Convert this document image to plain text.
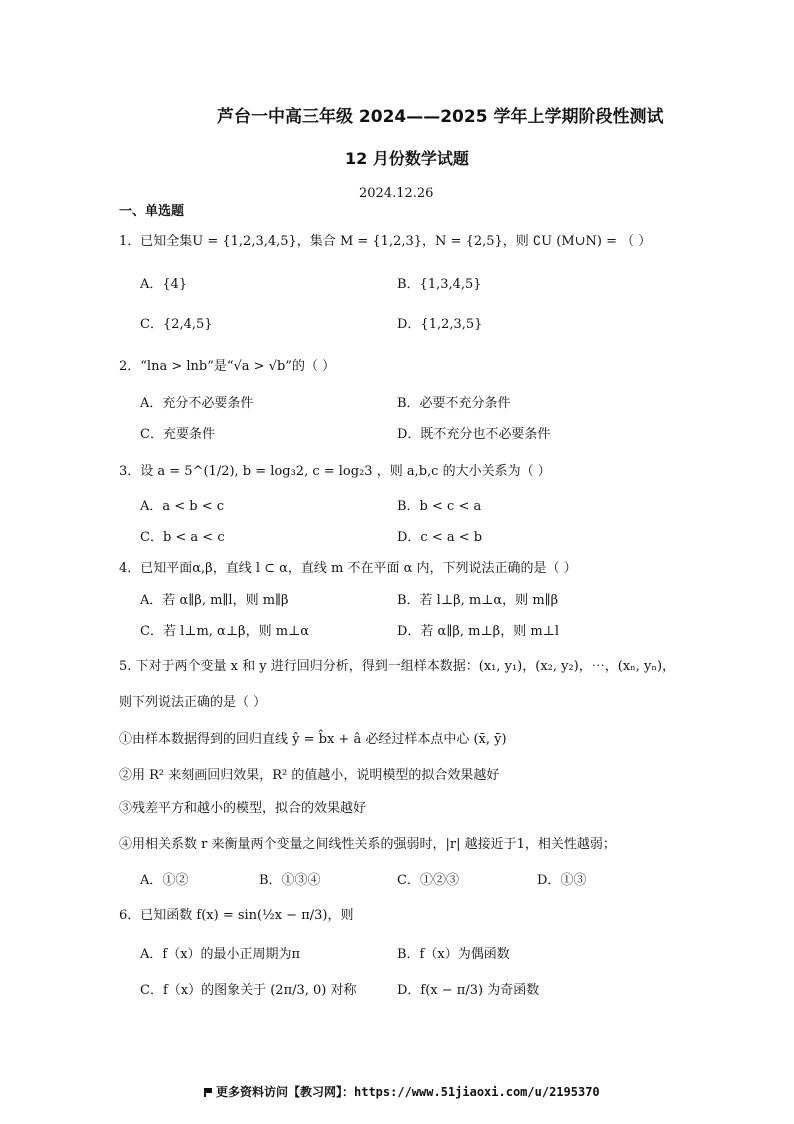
芦台一中高三年级 2024——2025 学年上学期阶段性测试
12 月份数学试题
2024.12.26
一、单选题
1．已知全集U = {1,2,3,4,5}，集合 M = {1,2,3}，N = {2,5}，则 ∁U (M∪N) = （ ）
A．{4}	B．{1,3,4,5}
C．{2,4,5}	D．{1,2,3,5}
2．“lna > lnb”是“√a > √b”的（ ）
A．充分不必要条件	B．必要不充分条件
C．充要条件	D．既不充分也不必要条件
3．设 a = 5^(1/2), b = log₃2, c = log₂3 ，则 a,b,c 的大小关系为（ ）
A．a < b < c	B．b < c < a
C．b < a < c	D．c < a < b
4．已知平面α,β，直线 l ⊂ α，直线 m 不在平面 α 内，下列说法正确的是（ ）
A．若 α∥β, m∥l，则 m∥β	B．若 l⊥β, m⊥α，则 m∥β
C．若 l⊥m, α⊥β，则 m⊥α	D．若 α∥β, m⊥β，则 m⊥l
5. 下对于两个变量 x 和 y 进行回归分析，得到一组样本数据：(x₁, y₁)，(x₂, y₂)，⋯，(xₙ, yₙ)，
则下列说法正确的是（ ）
①由样本数据得到的回归直线 ŷ = b̂x + â 必经过样本点中心 (x̄, ȳ)
②用 R² 来刻画回归效果，R² 的值越小，说明模型的拟合效果越好
③残差平方和越小的模型，拟合的效果越好
④用相关系数 r 来衡量两个变量之间线性关系的强弱时，|r| 越接近于1，相关性越弱；
A．①②	B．①③④	C．①②③	D．①③
6．已知函数 f(x) = sin(½x − π/3)，则
A．f（x）的最小正周期为π	B．f（x）为偶函数
C．f（x）的图象关于 (2π/3, 0) 对称	D．f(x − π/3) 为奇函数
更多资料访问【教习网】：https://www.51jiaoxi.com/u/2195370
